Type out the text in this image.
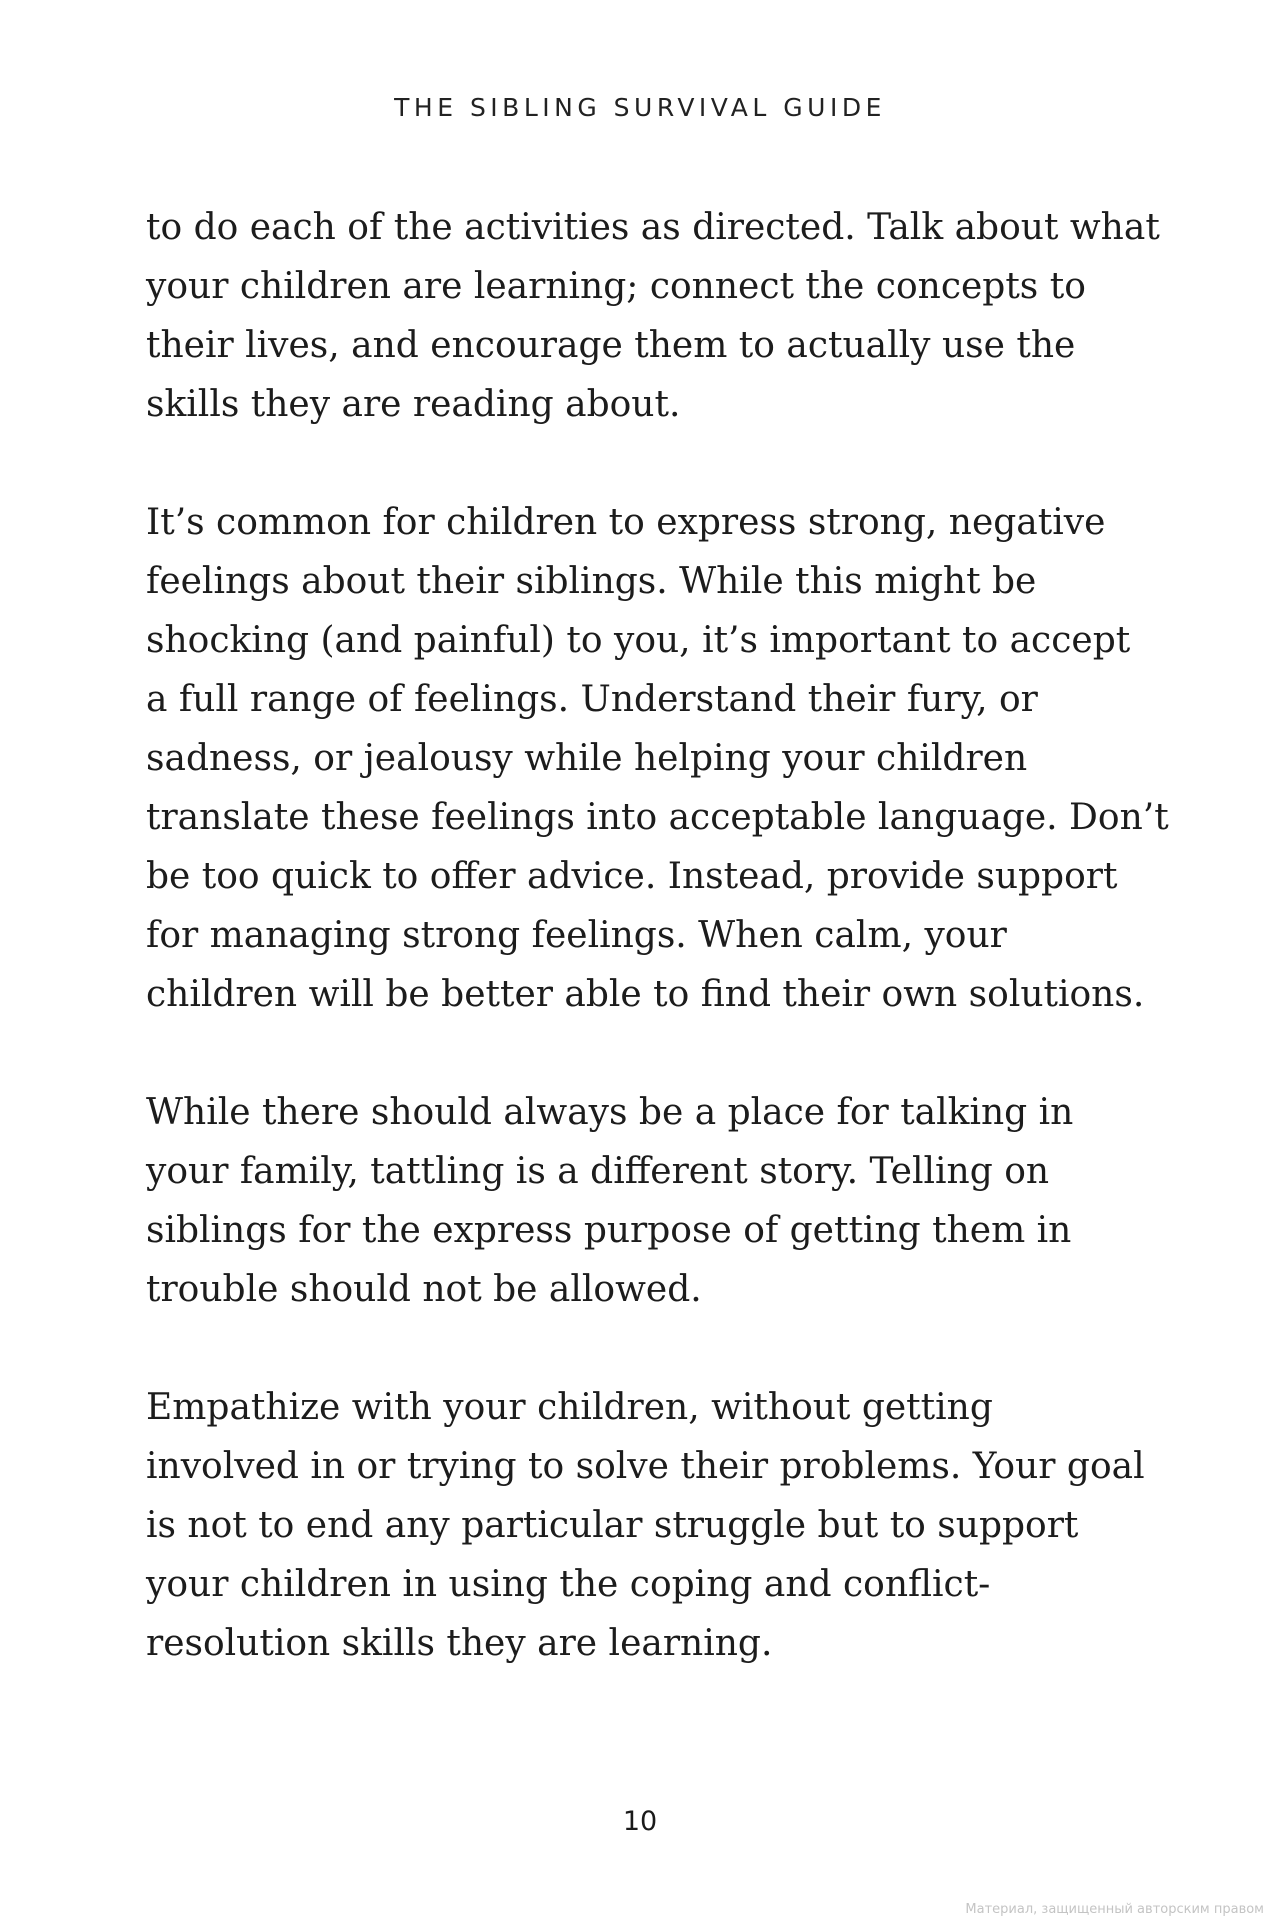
THE SIBLING SURVIVAL GUIDE

to do each of the activities as directed. Talk about what
your children are learning; connect the concepts to
their lives, and encourage them to actually use the
skills they are reading about.

It’s common for children to express strong, negative
feelings about their siblings. While this might be
shocking (and painful) to you, it’s important to accept
a full range of feelings. Understand their fury, or
sadness, or jealousy while helping your children
translate these feelings into acceptable language. Don’t
be too quick to offer advice. Instead, provide support
for managing strong feelings. When calm, your
children will be better able to find their own solutions.

While there should always be a place for talking in
your family, tattling is a different story. Telling on
siblings for the express purpose of getting them in
trouble should not be allowed.

Empathize with your children, without getting
involved in or trying to solve their problems. Your goal
is not to end any particular struggle but to support
your children in using the coping and conflict-
resolution skills they are learning.

10
Материал, защищенный авторским правом
